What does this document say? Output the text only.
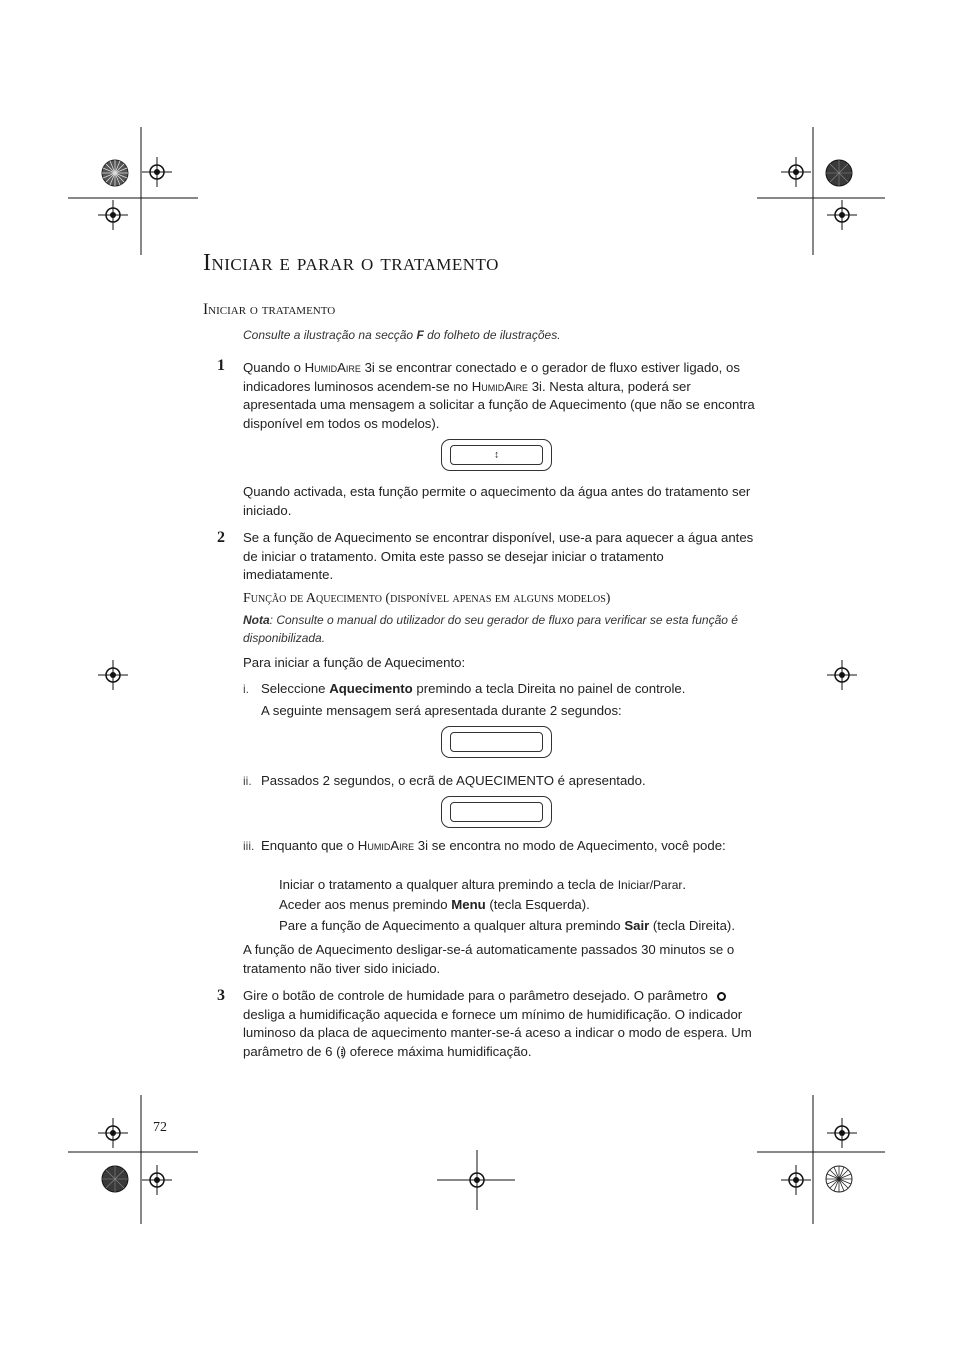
Iniciar e parar o tratamento
Iniciar o tratamento
Consulte a ilustração na secção F do folheto de ilustrações.
1 Quando o HumidAire 3i se encontrar conectado e o gerador de fluxo estiver ligado, os indicadores luminosos acendem-se no HumidAire 3i. Nesta altura, poderá ser apresentada uma mensagem a solicitar a função de Aquecimento (que não se encontra disponível em todos os modelos).
↕
Quando activada, esta função permite o aquecimento da água antes do tratamento ser iniciado.
2 Se a função de Aquecimento se encontrar disponível, use-a para aquecer a água antes de iniciar o tratamento. Omita este passo se desejar iniciar o tratamento imediatamente.
Função de Aquecimento (disponível apenas em alguns modelos)
Nota: Consulte o manual do utilizador do seu gerador de fluxo para verificar se esta função é disponibilizada.
Para iniciar a função de Aquecimento:
i. Seleccione Aquecimento premindo a tecla Direita no painel de controle.
A seguinte mensagem será apresentada durante 2 segundos:
ii. Passados 2 segundos, o ecrã de AQUECIMENTO é apresentado.
iii. Enquanto que o HumidAire 3i se encontra no modo de Aquecimento, você pode:
Iniciar o tratamento a qualquer altura premindo a tecla de Iniciar/Parar.
Aceder aos menus premindo Menu (tecla Esquerda).
Pare a função de Aquecimento a qualquer altura premindo Sair (tecla Direita).
A função de Aquecimento desligar-se-á automaticamente passados 30 minutos se o tratamento não tiver sido iniciado.
3 Gire o botão de controle de humidade para o parâmetro desejado. O parâmetro  desliga a humidificação aquecida e fornece um mínimo de humidificação. O indicador luminoso da placa de aquecimento manter-se-á aceso a indicar o modo de espera. Um parâmetro de 6 (⦙⦙⦙⦙⦙) oferece máxima humidificação.
72
